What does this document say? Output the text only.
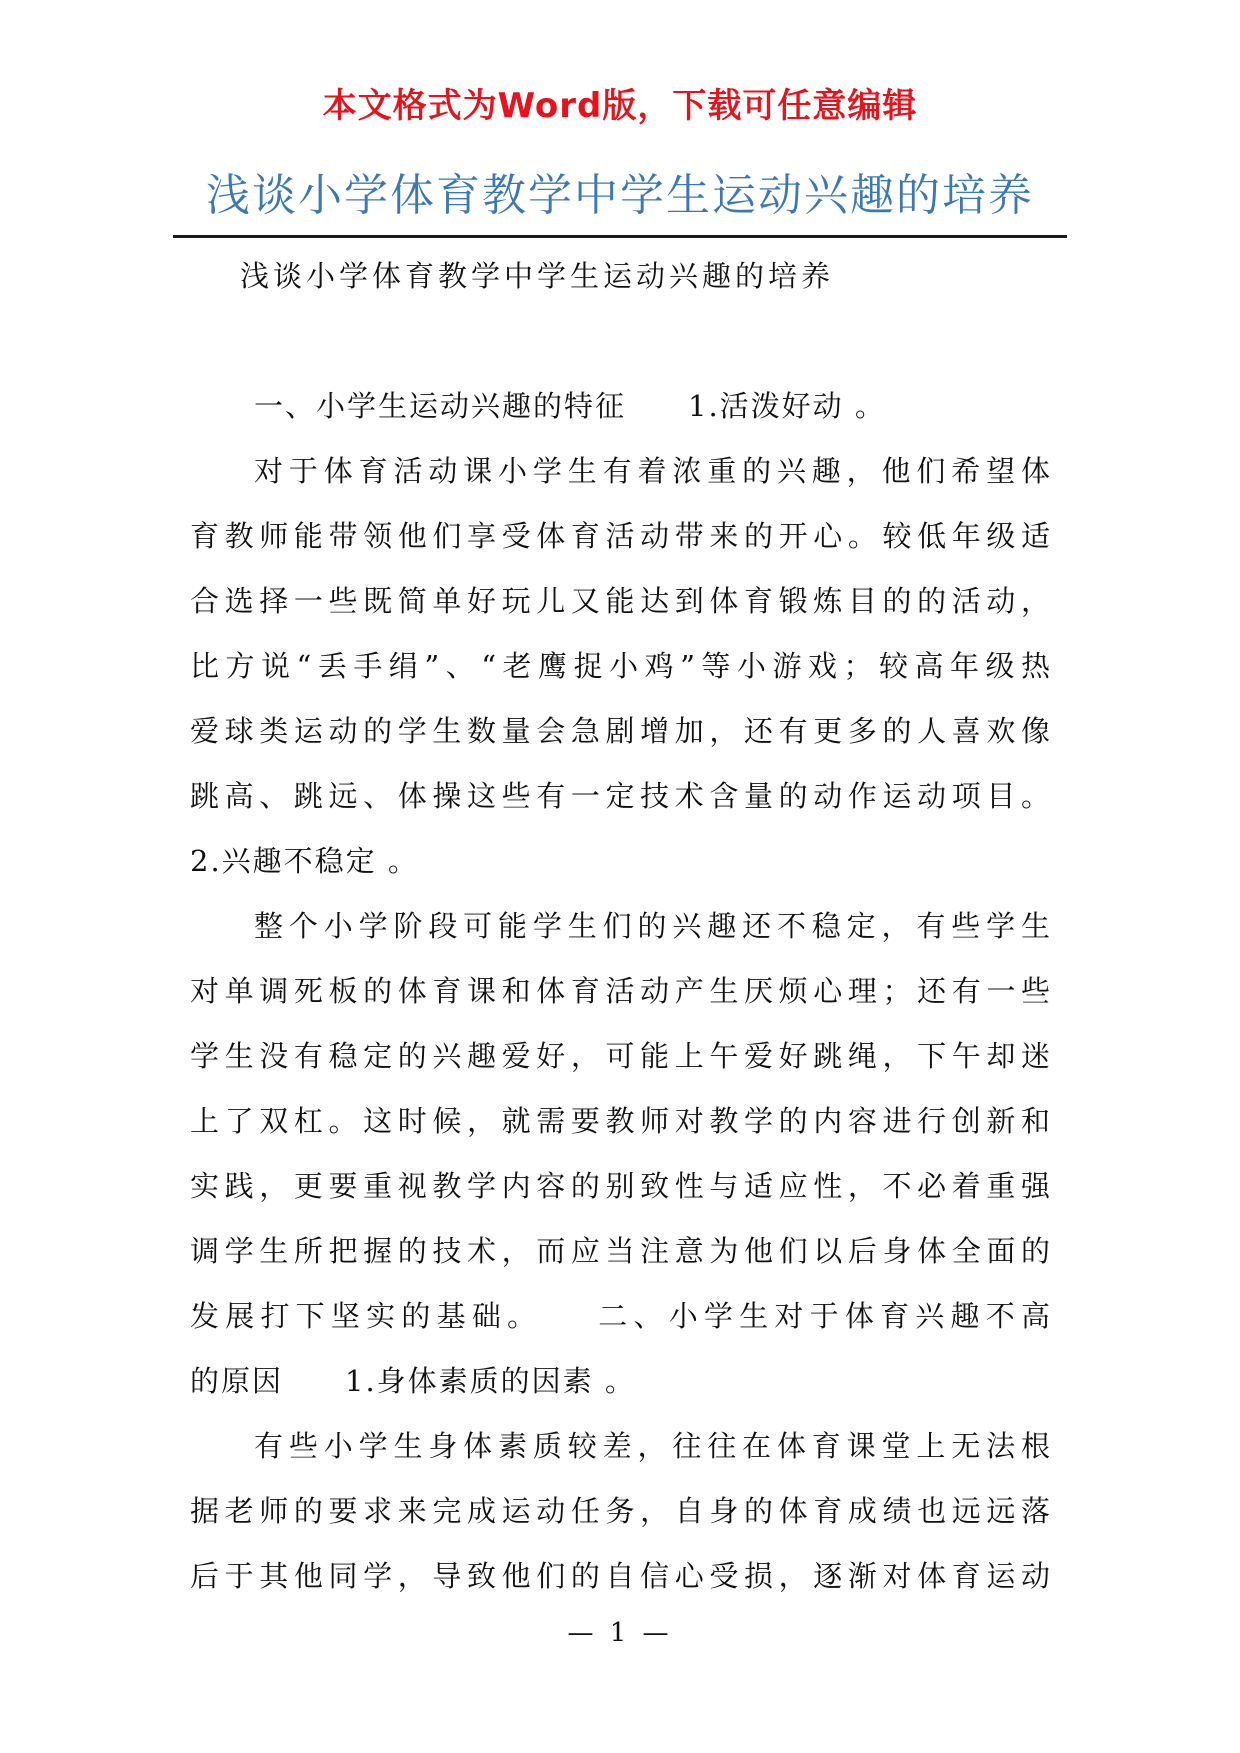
本文格式为Word版，下载可任意编辑
浅谈小学体育教学中学生运动兴趣的培养
浅谈小学体育教学中学生运动兴趣的培养
一、小学生运动兴趣的特征　　1.活泼好动 。
对于体育活动课小学生有着浓重的兴趣，他们希望体
育教师能带领他们享受体育活动带来的开心。较低年级适
合选择一些既简单好玩儿又能达到体育锻炼目的的活动，
比方说“丢手绢”、“老鹰捉小鸡”等小游戏；较高年级热
爱球类运动的学生数量会急剧增加，还有更多的人喜欢像
跳高、跳远、体操这些有一定技术含量的动作运动项目。
2.兴趣不稳定 。
整个小学阶段可能学生们的兴趣还不稳定，有些学生
对单调死板的体育课和体育活动产生厌烦心理；还有一些
学生没有稳定的兴趣爱好，可能上午爱好跳绳，下午却迷
上了双杠。这时候，就需要教师对教学的内容进行创新和
实践，更要重视教学内容的别致性与适应性，不必着重强
调学生所把握的技术，而应当注意为他们以后身体全面的
发展打下坚实的基础。　　二、小学生对于体育兴趣不高
的原因　　1.身体素质的因素 。
有些小学生身体素质较差，往往在体育课堂上无法根
据老师的要求来完成运动任务，自身的体育成绩也远远落
后于其他同学，导致他们的自信心受损，逐渐对体育运动
— 1 —
